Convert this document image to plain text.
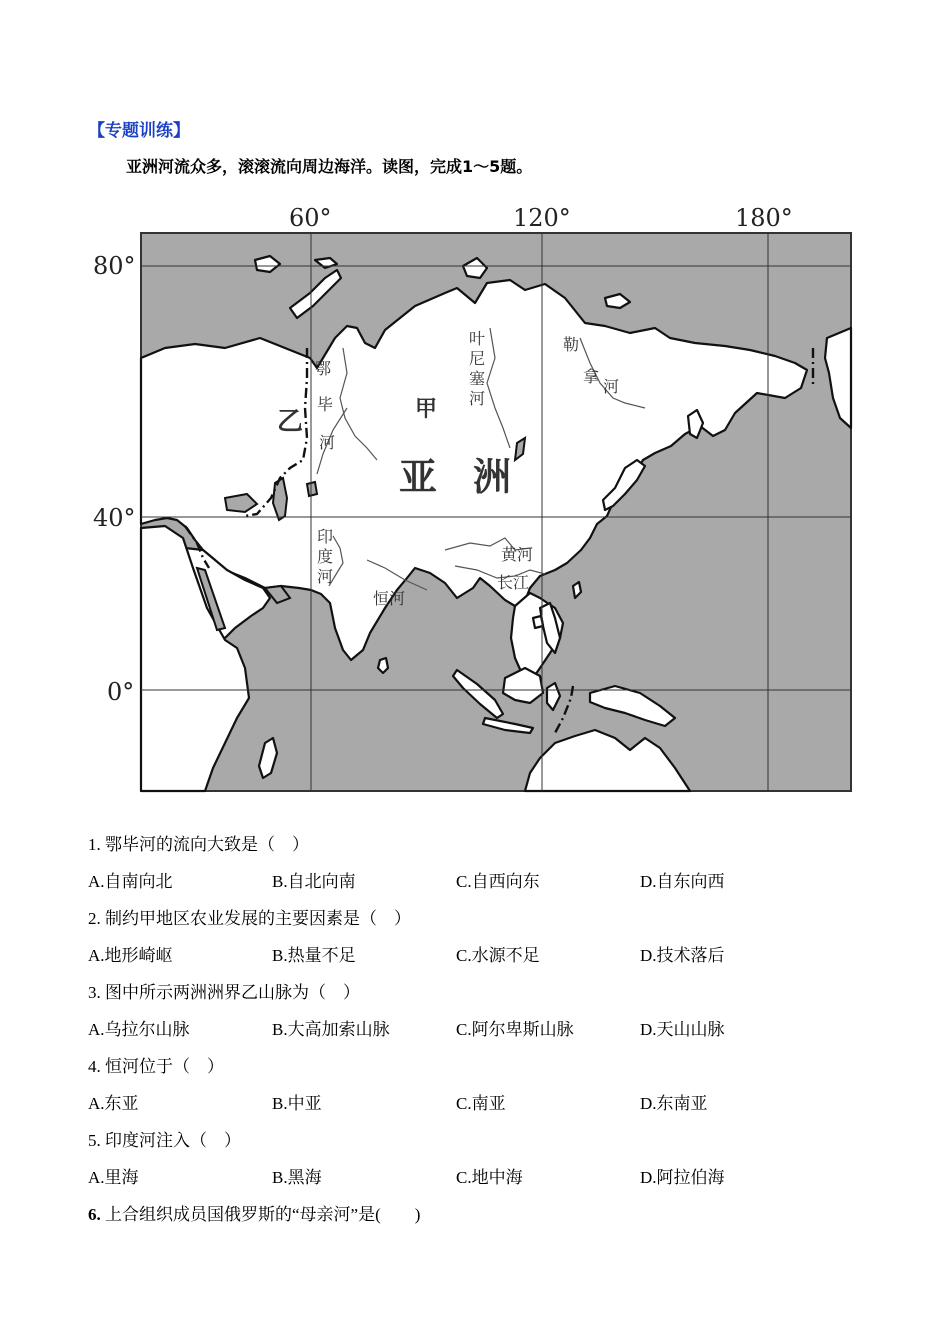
【专题训练】
亚洲河流众多，滚滚流向周边海洋。读图，完成1～5题。
60°	120°	180°
80°
40°
0°
甲
乙
亚 洲
鄂
毕
河
叶
尼
塞
河
勒
拿
河
印
度
河
恒河
黄河
长江
1. 鄂毕河的流向大致是（　）
A.自南向北	B.自北向南	C.自西向东	D.自东向西
2. 制约甲地区农业发展的主要因素是（　）
A.地形崎岖	B.热量不足	C.水源不足	D.技术落后
3. 图中所示两洲洲界乙山脉为（　）
A.乌拉尔山脉	B.大高加索山脉	C.阿尔卑斯山脉	D.天山山脉
4. 恒河位于（　）
A.东亚	B.中亚	C.南亚	D.东南亚
5. 印度河注入（　）
A.里海	B.黑海	C.地中海	D.阿拉伯海
6. 上合组织成员国俄罗斯的“母亲河”是(　　)
